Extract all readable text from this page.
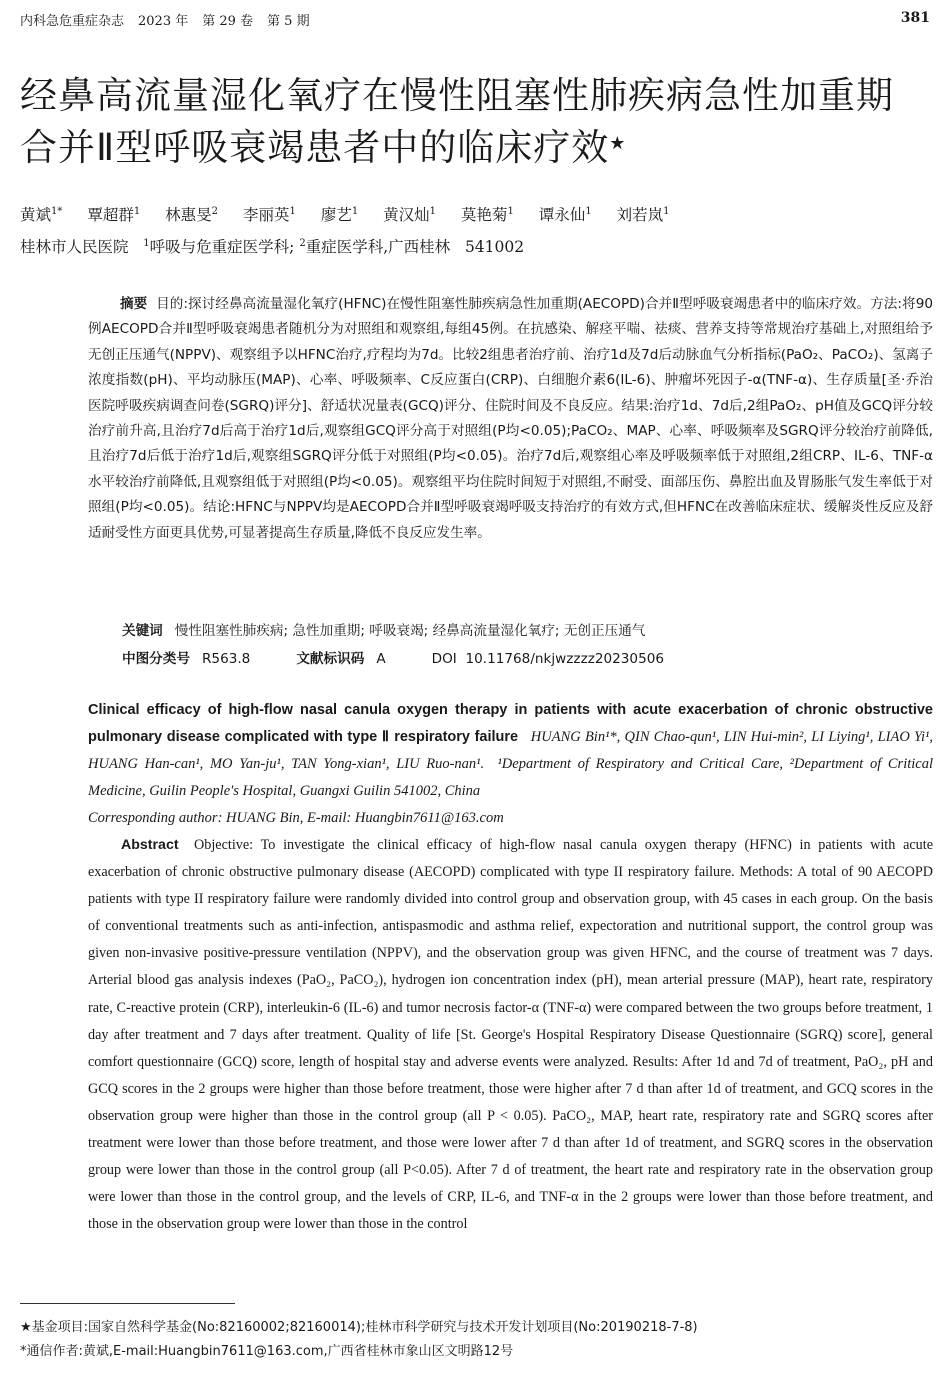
内科急危重症杂志 2023 年 第 29 卷 第 5 期	381
经鼻高流量湿化氧疗在慢性阻塞性肺疾病急性加重期
合并Ⅱ型呼吸衰竭患者中的临床疗效★
黄斌$^{1*}$ 覃超群$^1$ 林惠旻$^2$ 李丽英$^1$ 廖艺$^1$ 黄汉灿$^1$ 莫艳菊$^1$ 谭永仙$^1$ 刘若岚$^1$
桂林市人民医院 $^1$呼吸与危重症医学科; $^2$重症医学科,广西桂林 541002

摘要 目的:探讨经鼻高流量湿化氧疗(HFNC)在慢性阻塞性肺疾病急性加重期(AECOPD)合并Ⅱ型呼吸衰竭患者中的临床疗效。方法:将90例AECOPD合并Ⅱ型呼吸衰竭患者随机分为对照组和观察组,每组45例。在抗感染、解痉平喘、祛痰、营养支持等常规治疗基础上,对照组给予无创正压通气(NPPV)、观察组予以HFNC治疗,疗程均为7d。比较2组患者治疗前、治疗1d及7d后动脉血气分析指标(PaO₂、PaCO₂)、氢离子浓度指数(pH)、平均动脉压(MAP)、心率、呼吸频率、C反应蛋白(CRP)、白细胞介素6(IL-6)、肿瘤坏死因子-α(TNF-α)、生存质量[圣·乔治医院呼吸疾病调查问卷(SGRQ)评分]、舒适状况量表(GCQ)评分、住院时间及不良反应。结果:治疗1d、7d后,2组PaO₂、pH值及GCQ评分较治疗前升高,且治疗7d后高于治疗1d后,观察组GCQ评分高于对照组(P均<0.05);PaCO₂、MAP、心率、呼吸频率及SGRQ评分较治疗前降低,且治疗7d后低于治疗1d后,观察组SGRQ评分低于对照组(P均<0.05)。治疗7d后,观察组心率及呼吸频率低于对照组,2组CRP、IL-6、TNF-α水平较治疗前降低,且观察组低于对照组(P均<0.05)。观察组平均住院时间短于对照组,不耐受、面部压伤、鼻腔出血及胃肠胀气发生率低于对照组(P均<0.05)。结论:HFNC与NPPV均是AECOPD合并Ⅱ型呼吸衰竭呼吸支持治疗的有效方式,但HFNC在改善临床症状、缓解炎性反应及舒适耐受性方面更具优势,可显著提高生存质量,降低不良反应发生率。

关键词 慢性阻塞性肺疾病; 急性加重期; 呼吸衰竭; 经鼻高流量湿化氧疗; 无创正压通气
中图分类号 R563.8	文献标识码 A	DOI 10.11768/nkjwzzzz20230506
Clinical efficacy of high-flow nasal canula oxygen therapy in patients with acute exacerbation of chronic obstructive pulmonary disease complicated with type Ⅱ respiratory failure HUANG Bin¹*, QIN Chao-qun¹, LIN Hui-min², LI Liying¹, LIAO Yi¹, HUANG Han-can¹, MO Yan-ju¹, TAN Yong-xian¹, LIU Ruo-nan¹. ¹Department of Respiratory and Critical Care, ²Department of Critical Medicine, Guilin People's Hospital, Guangxi Guilin 541002, China
Corresponding author: HUANG Bin, E-mail: Huangbin7611@163.com

Abstract Objective: To investigate the clinical efficacy of high-flow nasal canula oxygen therapy (HFNC) in patients with acute exacerbation of chronic obstructive pulmonary disease (AECOPD) complicated with type II respiratory failure. Methods: A total of 90 AECOPD patients with type II respiratory failure were randomly divided into control group and observation group, with 45 cases in each group. On the basis of conventional treatments such as anti-infection, antispasmodic and asthma relief, expectoration and nutritional support, the control group was given non-invasive positive-pressure ventilation (NPPV), and the observation group was given HFNC, and the course of treatment was 7 days. Arterial blood gas analysis indexes (PaO₂, PaCO₂), hydrogen ion concentration index (pH), mean arterial pressure (MAP), heart rate, respiratory rate, C-reactive protein (CRP), interleukin-6 (IL-6) and tumor necrosis factor-α (TNF-α) were compared between the two groups before treatment, 1 day after treatment and 7 days after treatment. Quality of life [St. George's Hospital Respiratory Disease Questionnaire (SGRQ) score], general comfort questionnaire (GCQ) score, length of hospital stay and adverse events were analyzed. Results: After 1d and 7d of treatment, PaO₂, pH and GCQ scores in the 2 groups were higher than those before treatment, those were higher after 7 d than after 1d of treatment, and GCQ scores in the observation group were higher than those in the control group (all P < 0.05). PaCO₂, MAP, heart rate, respiratory rate and SGRQ scores after treatment were lower than those before treatment, and those were lower after 7 d than after 1d of treatment, and SGRQ scores in the observation group were lower than those in the control group (all P<0.05). After 7 d of treatment, the heart rate and respiratory rate in the observation group were lower than those in the control group, and the levels of CRP, IL-6, and TNF-α in the 2 groups were lower than those before treatment, and those in the observation group were lower than those in the control

★基金项目:国家自然科学基金(No:82160002;82160014);桂林市科学研究与技术开发计划项目(No:20190218-7-8)
*通信作者:黄斌,E-mail:Huangbin7611@163.com,广西省桂林市象山区文明路12号
